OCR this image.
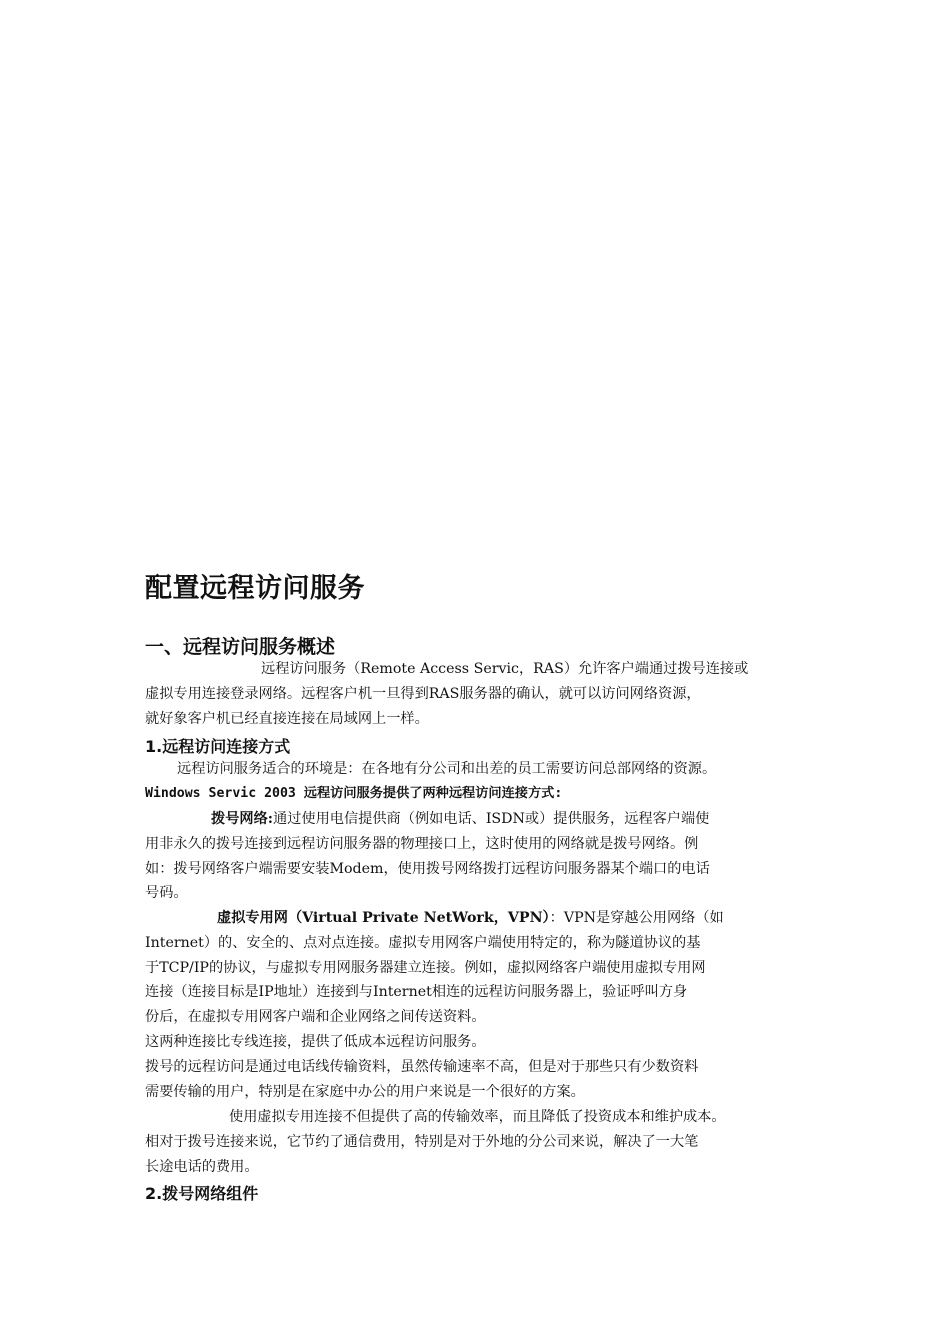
配置远程访问服务
一、远程访问服务概述
远程访问服务（Remote Access Servic，RAS）允许客户端通过拨号连接或
虚拟专用连接登录网络。远程客户机一旦得到RAS服务器的确认，就可以访问网络资源，
就好象客户机已经直接连接在局域网上一样。
1.远程访问连接方式
远程访问服务适合的环境是：在各地有分公司和出差的员工需要访问总部网络的资源。
Windows Servic 2003 远程访问服务提供了两种远程访问连接方式:
拨号网络:通过使用电信提供商（例如电话、ISDN或）提供服务，远程客户端使
用非永久的拨号连接到远程访问服务器的物理接口上，这时使用的网络就是拨号网络。例
如：拨号网络客户端需要安装Modem，使用拨号网络拨打远程访问服务器某个端口的电话
号码。
虚拟专用网（Virtual Private NetWork，VPN）：VPN是穿越公用网络（如
Internet）的、安全的、点对点连接。虚拟专用网客户端使用特定的，称为隧道协议的基
于TCP/IP的协议，与虚拟专用网服务器建立连接。例如，虚拟网络客户端使用虚拟专用网
连接（连接目标是IP地址）连接到与Internet相连的远程访问服务器上，验证呼叫方身
份后，在虚拟专用网客户端和企业网络之间传送资料。
这两种连接比专线连接，提供了低成本远程访问服务。
拨号的远程访问是通过电话线传输资料，虽然传输速率不高，但是对于那些只有少数资料
需要传输的用户，特别是在家庭中办公的用户来说是一个很好的方案。
使用虚拟专用连接不但提供了高的传输效率，而且降低了投资成本和维护成本。
相对于拨号连接来说，它节约了通信费用，特别是对于外地的分公司来说，解决了一大笔
长途电话的费用。
2.拨号网络组件
